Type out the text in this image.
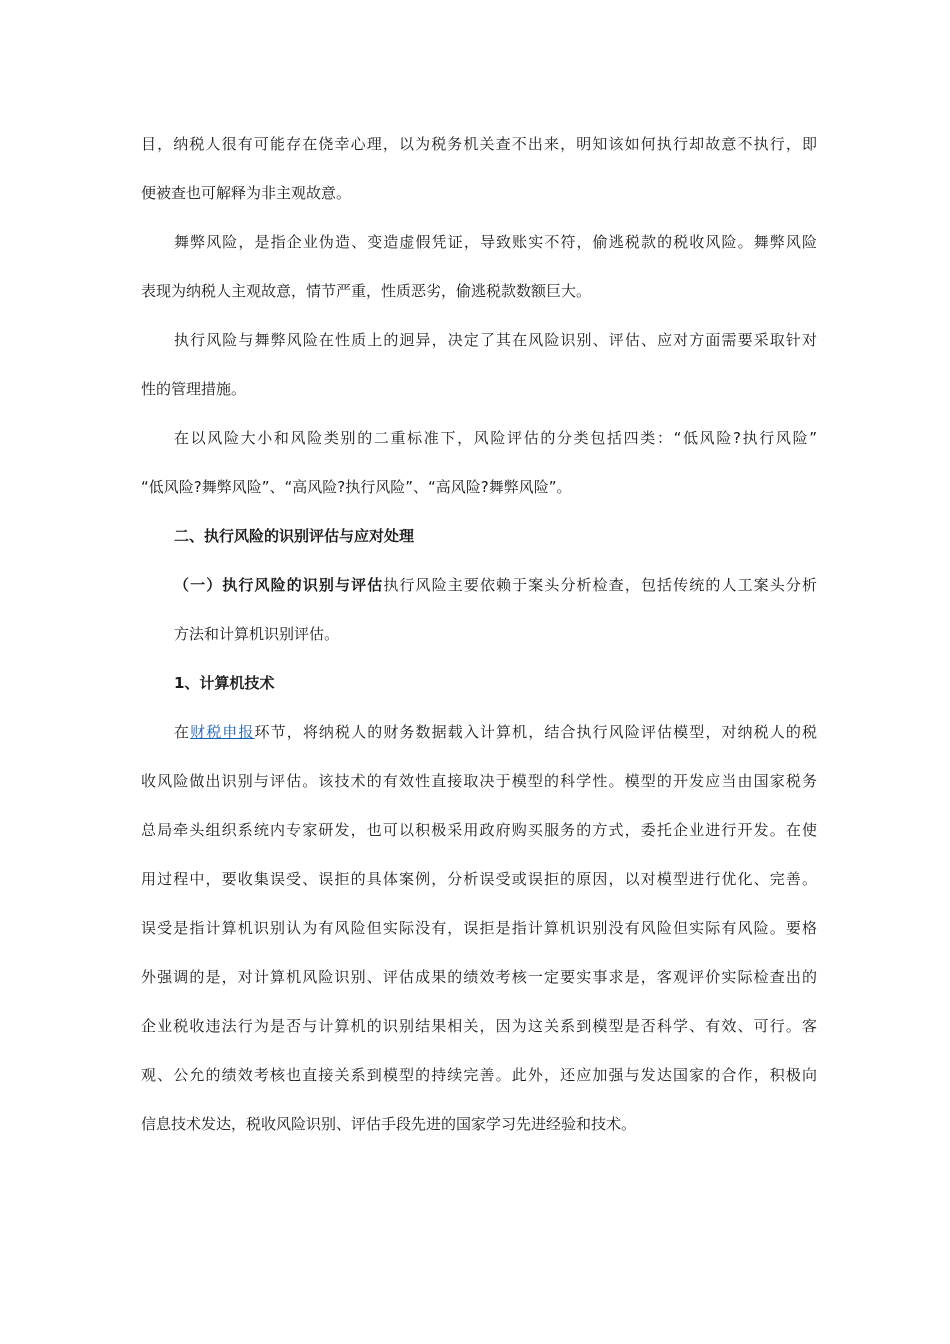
目，纳税人很有可能存在侥幸心理，以为税务机关查不出来，明知该如何执行却故意不执行，即
便被查也可解释为非主观故意。
舞弊风险，是指企业伪造、变造虚假凭证，导致账实不符，偷逃税款的税收风险。舞弊风险
表现为纳税人主观故意，情节严重，性质恶劣，偷逃税款数额巨大。
执行风险与舞弊风险在性质上的迥异，决定了其在风险识别、评估、应对方面需要采取针对
性的管理措施。
在以风险大小和风险类别的二重标准下，风险评估的分类包括四类：“低风险?执行风险”
“低风险?舞弊风险”、“高风险?执行风险”、“高风险?舞弊风险”。
二、执行风险的识别评估与应对处理
（一）执行风险的识别与评估执行风险主要依赖于案头分析检查，包括传统的人工案头分析
方法和计算机识别评估。
1、计算机技术
在财税申报环节，将纳税人的财务数据载入计算机，结合执行风险评估模型，对纳税人的税
收风险做出识别与评估。该技术的有效性直接取决于模型的科学性。模型的开发应当由国家税务
总局牵头组织系统内专家研发，也可以积极采用政府购买服务的方式，委托企业进行开发。在使
用过程中，要收集误受、误拒的具体案例，分析误受或误拒的原因，以对模型进行优化、完善。
误受是指计算机识别认为有风险但实际没有，误拒是指计算机识别没有风险但实际有风险。要格
外强调的是，对计算机风险识别、评估成果的绩效考核一定要实事求是，客观评价实际检查出的
企业税收违法行为是否与计算机的识别结果相关，因为这关系到模型是否科学、有效、可行。客
观、公允的绩效考核也直接关系到模型的持续完善。此外，还应加强与发达国家的合作，积极向
信息技术发达，税收风险识别、评估手段先进的国家学习先进经验和技术。
